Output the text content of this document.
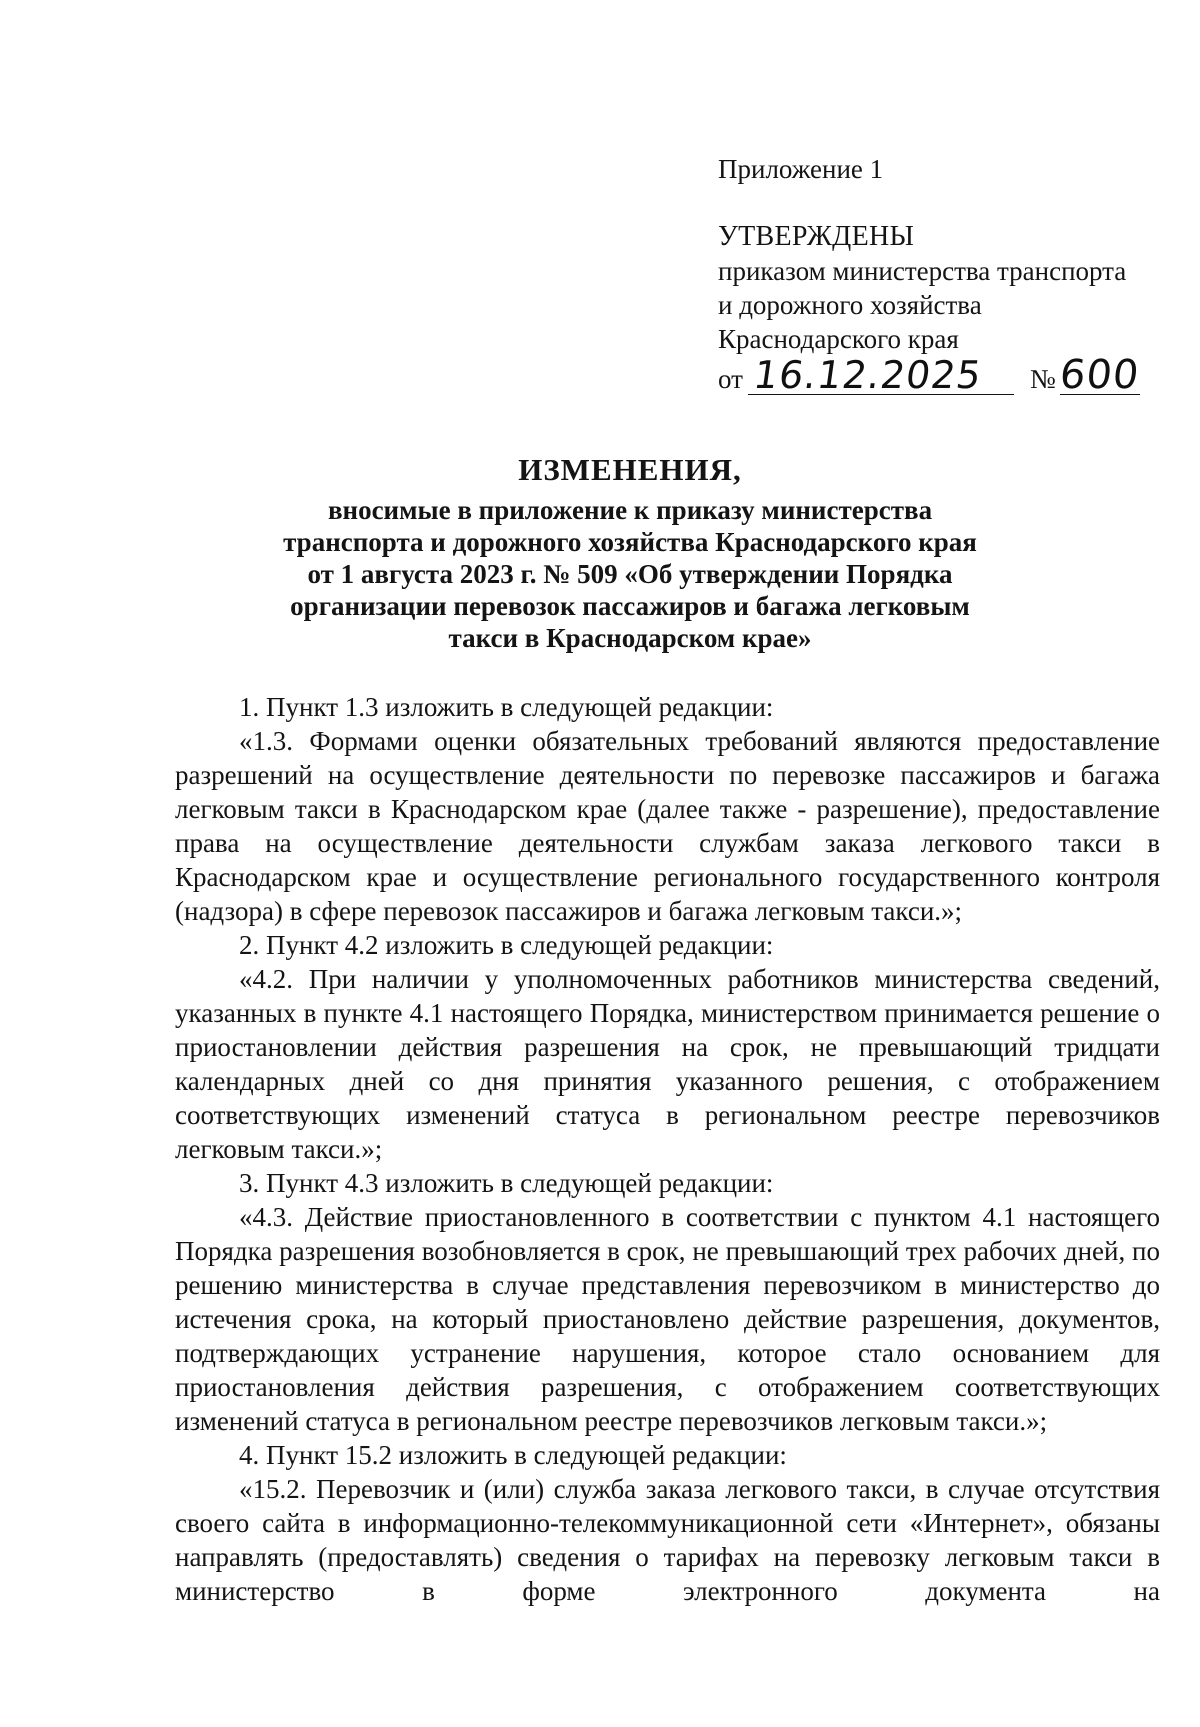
Приложение 1
УТВЕРЖДЕНЫ
приказом министерства транспорта
и дорожного хозяйства
Краснодарского края
от 16.12.2025 № 600
ИЗМЕНЕНИЯ,
вносимые в приложение к приказу министерства
транспорта и дорожного хозяйства Краснодарского края
от 1 августа 2023 г. № 509 «Об утверждении Порядка
организации перевозок пассажиров и багажа легковым
такси в Краснодарском крае»

1. Пункт 1.3 изложить в следующей редакции:

«1.3. Формами оценки обязательных требований являются предоставление разрешений на осуществление деятельности по перевозке пассажиров и багажа легковым такси в Краснодарском крае (далее также - разрешение), предоставление права на осуществление деятельности службам заказа легкового такси в Краснодарском крае и осуществление регионального государственного контроля (надзора) в сфере перевозок пассажиров и багажа легковым такси.»;

2. Пункт 4.2 изложить в следующей редакции:

«4.2. При наличии у уполномоченных работников министерства сведений, указанных в пункте 4.1 настоящего Порядка, министерством принимается решение о приостановлении действия разрешения на срок, не превышающий тридцати календарных дней со дня принятия указанного решения, с отображением соответствующих изменений статуса в региональном реестре перевозчиков легковым такси.»;

3. Пункт 4.3 изложить в следующей редакции:

«4.3. Действие приостановленного в соответствии с пунктом 4.1 настоящего Порядка разрешения возобновляется в срок, не превышающий трех рабочих дней, по решению министерства в случае представления перевозчиком в министерство до истечения срока, на который приостановлено действие разрешения, документов, подтверждающих устранение нарушения, которое стало основанием для приостановления действия разрешения, с отображением соответствующих изменений статуса в региональном реестре перевозчиков легковым такси.»;

4. Пункт 15.2 изложить в следующей редакции:

«15.2. Перевозчик и (или) служба заказа легкового такси, в случае отсутствия своего сайта в информационно-телекоммуникационной сети «Интернет», обязаны направлять (предоставлять) сведения о тарифах на перевозку легковым такси в министерство в форме электронного документа на
